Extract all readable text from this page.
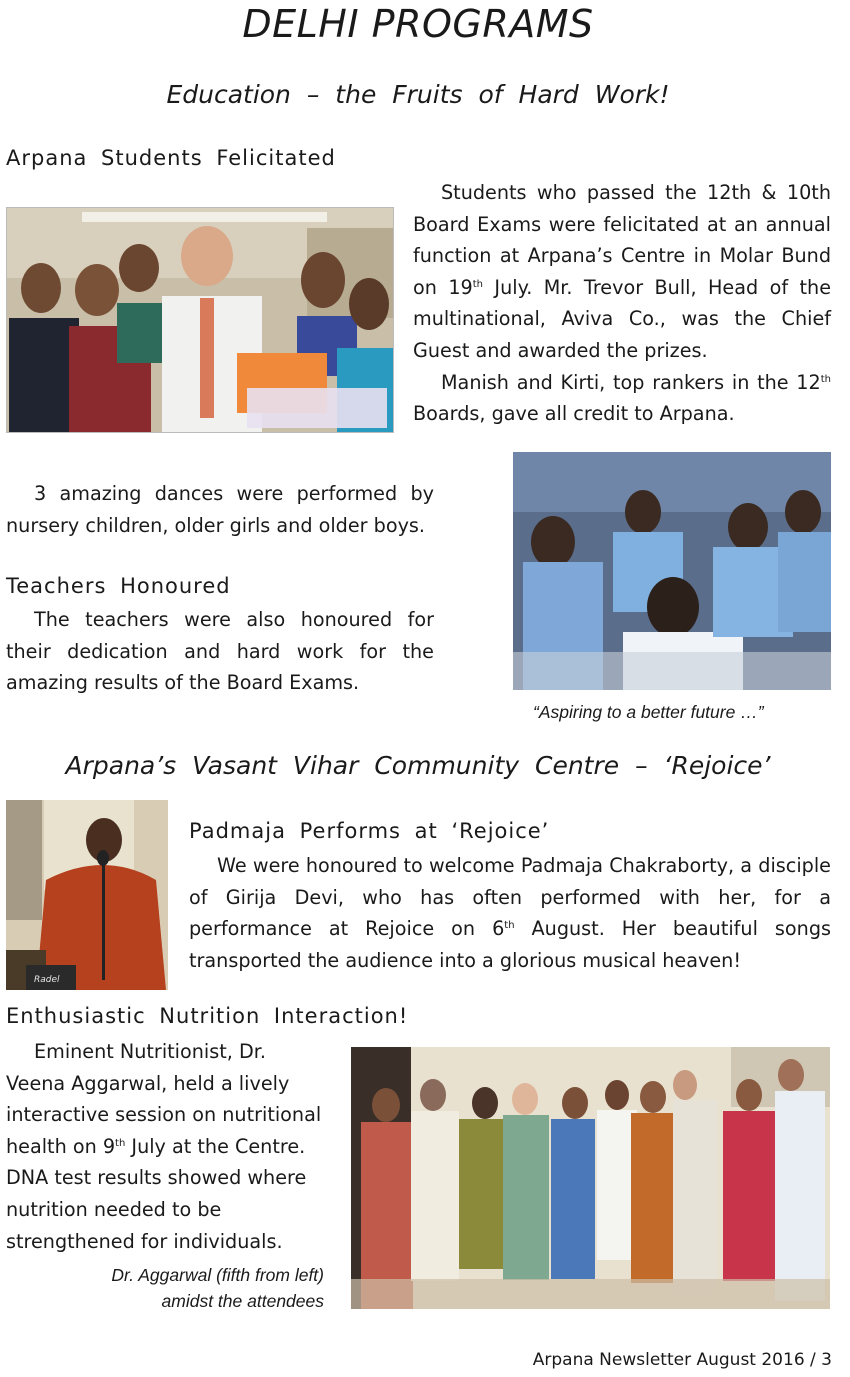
DELHI PROGRAMS
Education – the Fruits of Hard Work!
Arpana Students Felicitated

Students who passed the 12th & 10th Board Exams were felicitated at an annual function at Arpana’s Centre in Molar Bund on 19th July. Mr. Trevor Bull, Head of the multinational, Aviva Co., was the Chief Guest and awarded the prizes.

Manish and Kirti, top rankers in the 12th Boards, gave all credit to Arpana.

3 amazing dances were performed by nursery children, older girls and older boys.

Teachers Honoured

The teachers were also honoured for their dedication and hard work for the amazing results of the Board Exams.

“Aspiring to a better future …”
Arpana’s Vasant Vihar Community Centre – ‘Rejoice’
Radel
Padmaja Performs at ‘Rejoice’

We were honoured to welcome Padmaja Chakraborty, a disciple of Girija Devi, who has often performed with her, for a performance at Rejoice on 6th August. Her beautiful songs transported the audience into a glorious musical heaven!

Enthusiastic Nutrition Interaction!

Eminent Nutritionist, Dr. Veena Aggarwal, held a lively interactive session on nutritional health on 9th July at the Centre. DNA test results showed where nutrition needed to be strengthened for individuals.

Dr. Aggarwal (fifth from left)
amidst the attendees
Arpana Newsletter August 2016 / 3
